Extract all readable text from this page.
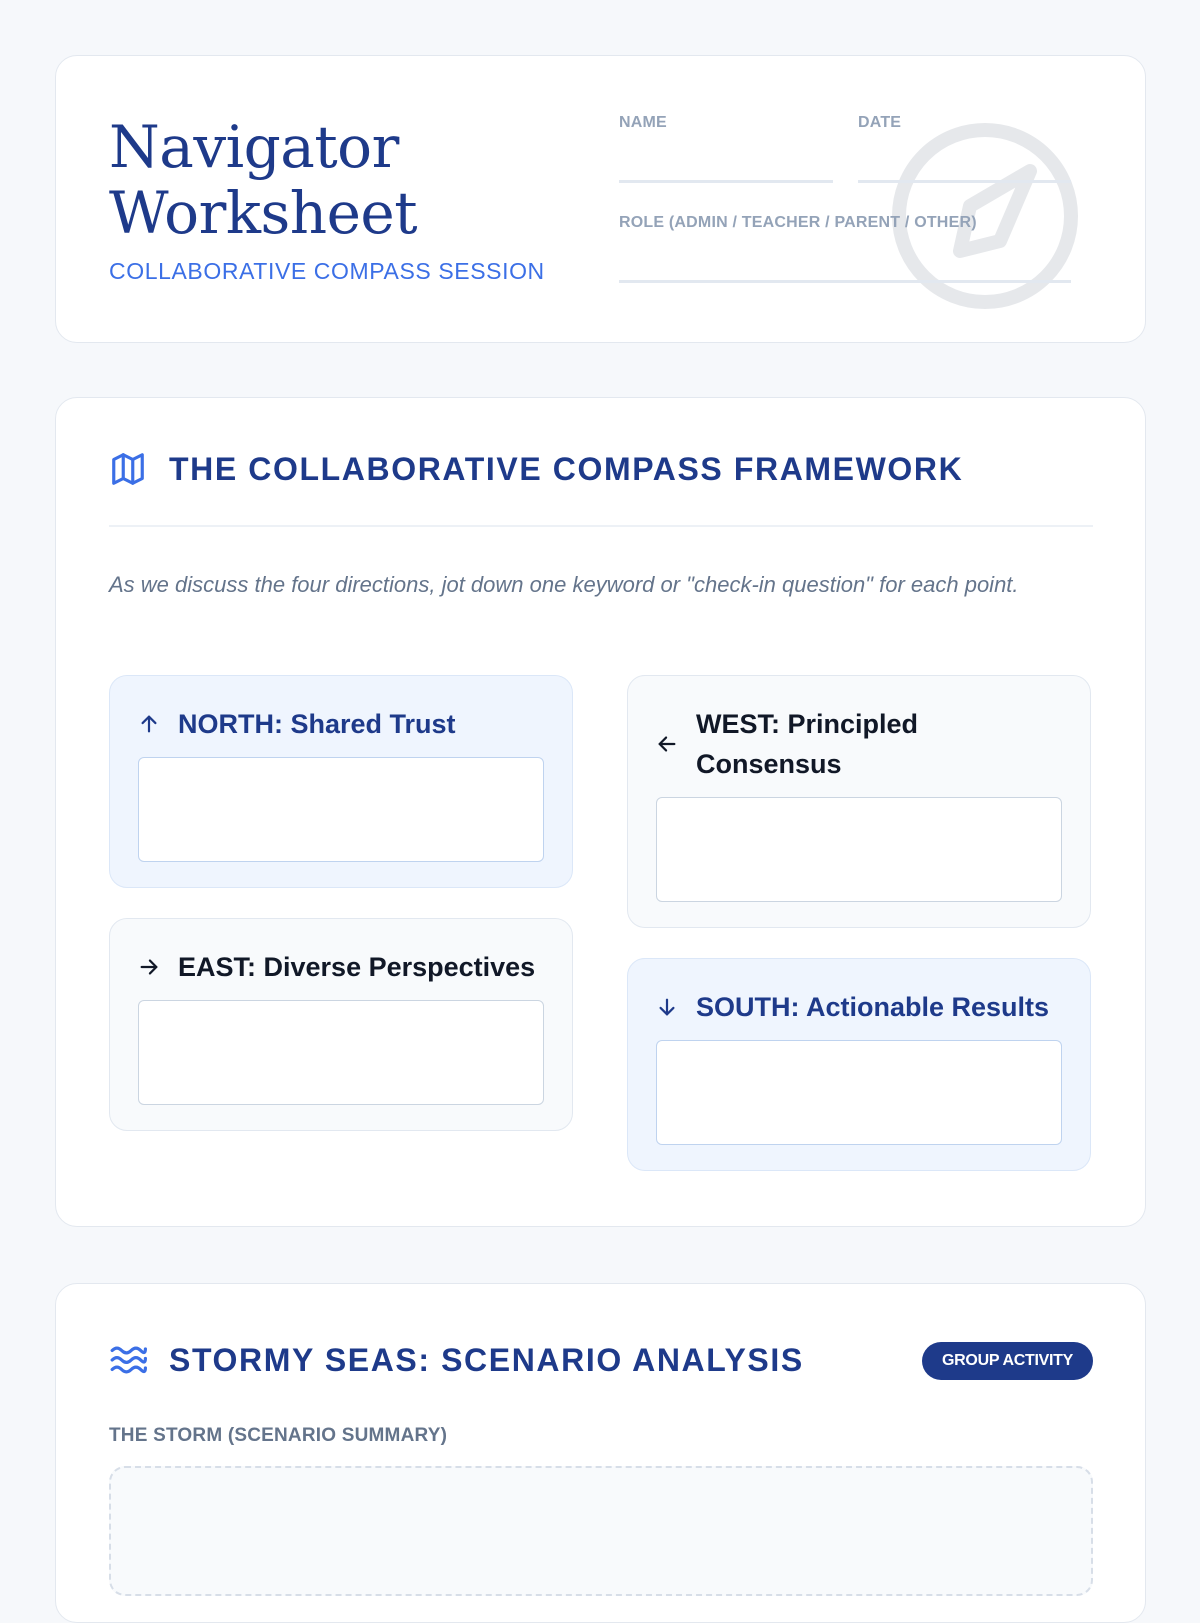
Navigator
Worksheet
COLLABORATIVE COMPASS SESSION
NAME	DATE
ROLE (ADMIN / TEACHER / PARENT / OTHER)
THE COLLABORATIVE COMPASS FRAMEWORK
As we discuss the four directions, jot down one keyword or "check-in question" for each point.
NORTH: Shared Trust	WEST: Principled Consensus
EAST: Diverse Perspectives
SOUTH: Actionable Results
STORMY SEAS: SCENARIO ANALYSIS	GROUP ACTIVITY
THE STORM (SCENARIO SUMMARY)
